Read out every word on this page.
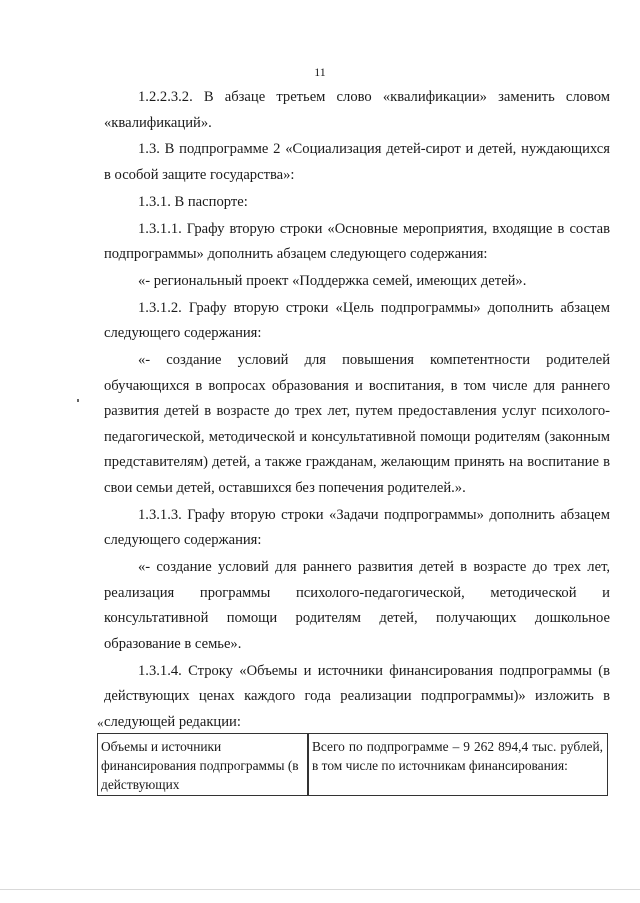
11

1.2.2.3.2. В абзаце третьем слово «квалификации» заменить словом «квалификаций».

1.3. В подпрограмме 2 «Социализация детей-сирот и детей, нуждающихся в особой защите государства»:

1.3.1. В паспорте:

1.3.1.1. Графу вторую строки «Основные мероприятия, входящие в состав подпрограммы» дополнить абзацем следующего содержания:

«- региональный проект «Поддержка семей, имеющих детей».

1.3.1.2. Графу вторую строки «Цель подпрограммы» дополнить абзацем следующего содержания:

«- создание условий для повышения компетентности родителей обучающихся в вопросах образования и воспитания, в том числе для раннего развития детей в возрасте до трех лет, путем предоставления услуг психолого-педагогической, методической и консультативной помощи родителям (законным представителям) детей, а также гражданам, желающим принять на воспитание в свои семьи детей, оставшихся без попечения родителей.».

1.3.1.3. Графу вторую строки «Задачи подпрограммы» дополнить абзацем следующего содержания:

«- создание условий для раннего развития детей в возрасте до трех лет, реализация программы психолого-педагогической, методической и консультативной помощи родителям детей, получающих дошкольное образование в семье».

1.3.1.4. Строку «Объемы и источники финансирования подпрограммы (в действующих ценах каждого года реализации подпрограммы)» изложить в следующей редакции:

«
Объемы и источники финансирования подпрограммы (в действующих	Всего по подпрограмме – 9 262 894,4 тыс. рублей, в том числе по источникам финансирования:
